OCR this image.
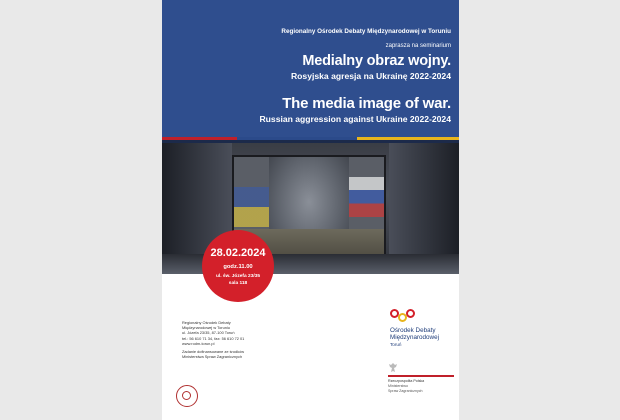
Regionalny Ośrodek Debaty Międzynarodowej w Toruniu
zaprasza na seminarium
Medialny obraz wojny.
Rosyjska agresja na Ukrainę 2022-2024
The media image of war.
Russian aggression against Ukraine 2022-2024
28.02.2024
godz.11.00
ul. św. Józefa 23/35
sala 118
Regionalny Ośrodek Debaty
Międzynarodowej w Toruniu
ul. Józefa 23/35, 87-100 Toruń
tel.: 56 610 71 34, fax: 56 610 72 01
www.rodm-torun.pl
Zadanie dofinansowane ze środków
Ministerstwa Spraw Zagranicznych
Ośrodek Debaty
Międzynarodowej
Toruń
Rzeczpospolita Polska
Ministerstwo
Spraw Zagranicznych
